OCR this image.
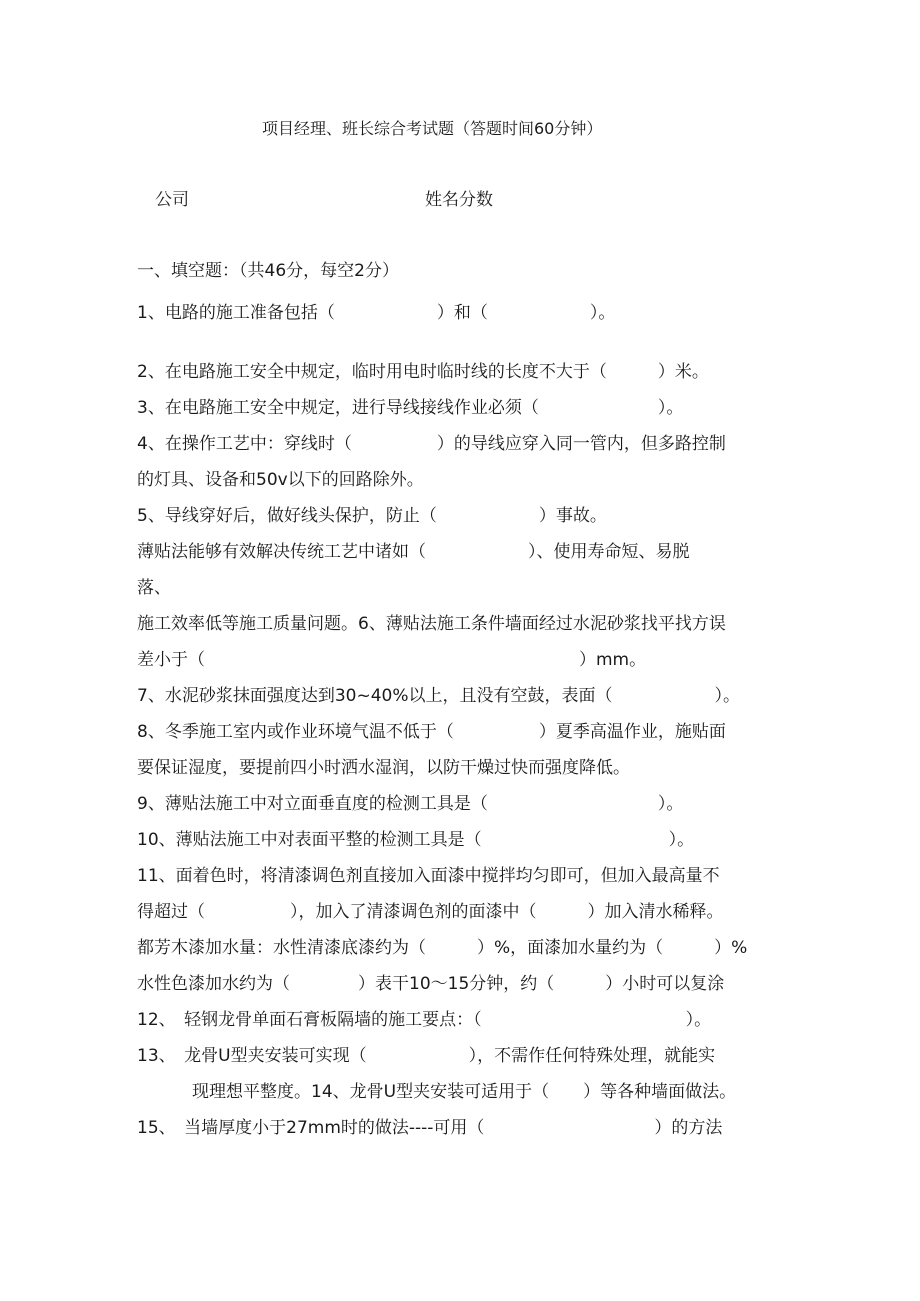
项目经理、班长综合考试题（答题时间60分钟）
公司	姓名分数
一、填空题：（共46分，每空2分）
1、电路的施工准备包括（　　　　　　）和（　　　　　　）。
2、在电路施工安全中规定，临时用电时临时线的长度不大于（　　　）米。
3、在电路施工安全中规定，进行导线接线作业必须（　　　　　　　）。
4、在操作工艺中：穿线时（　　　　　）的导线应穿入同一管内，但多路控制
的灯具、设备和50v以下的回路除外。
5、导线穿好后，做好线头保护，防止（　　　　　　）事故。
薄贴法能够有效解决传统工艺中诸如（　　　　　　）、使用寿命短、易脱
落、
施工效率低等施工质量问题。6、薄贴法施工条件墙面经过水泥砂浆找平找方误
差小于（　　　　　　　　　　　　　　　　　　　　　　）mm。
7、水泥砂浆抹面强度达到30~40%以上，且没有空鼓，表面（　　　　　　）。
8、冬季施工室内或作业环境气温不低于（　　　　　）夏季高温作业，施贴面
要保证湿度，要提前四小时洒水湿润，以防干燥过快而强度降低。
9、薄贴法施工中对立面垂直度的检测工具是（　　　　　　　　　　）。
10、薄贴法施工中对表面平整的检测工具是（　　　　　　　　　　　）。
11、面着色时，将清漆调色剂直接加入面漆中搅拌均匀即可，但加入最高量不
得超过（　　　　　），加入了清漆调色剂的面漆中（　　　）加入清水稀释。
都芳木漆加水量：水性清漆底漆约为（　　　）%，面漆加水量约为（　　　）%
水性色漆加水约为（　　　　）表干10～15分钟，约（　　　）小时可以复涂
12、　轻钢龙骨单面石膏板隔墙的施工要点：（　　　　　　　　　　　　）。
13、　龙骨U型夹安装可实现（　　　　　　），不需作任何特殊处理，就能实
现理想平整度。14、龙骨U型夹安装可适用于（　　）等各种墙面做法。
15、　当墙厚度小于27mm时的做法----可用（　　　　　　　　　　）的方法
